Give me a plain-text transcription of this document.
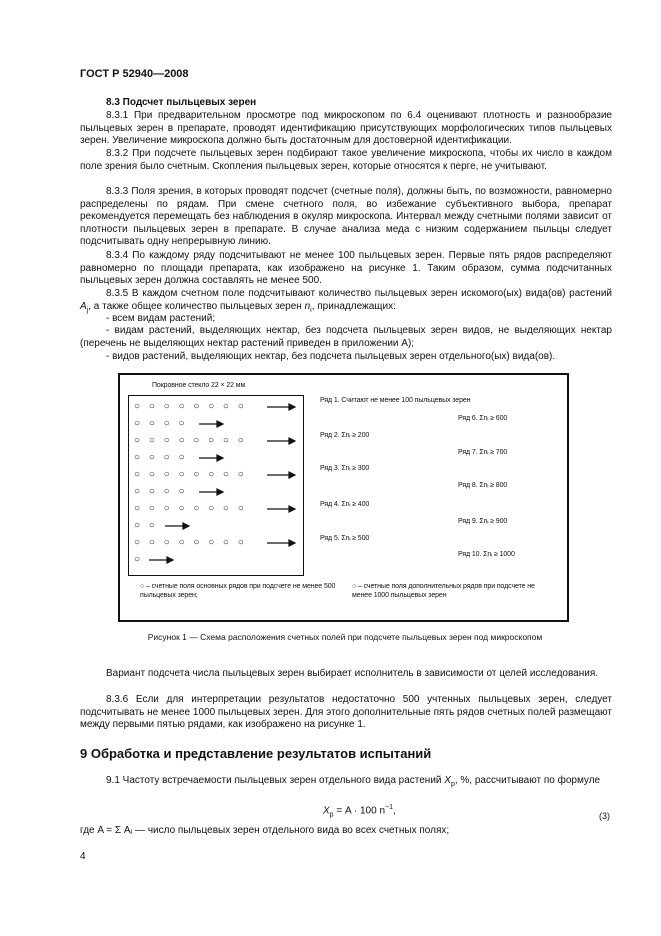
ГОСТ Р 52940—2008
8.3 Подсчет пыльцевых зерен
8.3.1 При предварительном просмотре под микроскопом по 6.4 оценивают плотность и разнообразие пыльцевых зерен в препарате, проводят идентификацию присутствующих морфологических типов пыльцевых зерен. Увеличение микроскопа должно быть достаточным для достоверной идентификации.
8.3.2 При подсчете пыльцевых зерен подбирают такое увеличение микроскопа, чтобы их число в каждом поле зрения было счетным. Скопления пыльцевых зерен, которые относятся к перге, не учитывают.
8.3.3 Поля зрения, в которых проводят подсчет (счетные поля), должны быть, по возможности, равномерно распределены по рядам. При смене счетного поля, во избежание субъективного выбора, препарат рекомендуется перемещать без наблюдения в окуляр микроскопа. Интервал между счетными полями зависит от плотности пыльцевых зерен в препарате. В случае анализа меда с низким содержанием пыльцы следует подсчитывать одну непрерывную линию.
8.3.4 По каждому ряду подсчитывают не менее 100 пыльцевых зерен. Первые пять рядов распределяют равномерно по площади препарата, как изображено на рисунке 1. Таким образом, сумма подсчитанных пыльцевых зерен должна составлять не менее 500.
8.3.5 В каждом счетном поле подсчитывают количество пыльцевых зерен искомого(ых) вида(ов) растений $A_j$, а также общее количество пыльцевых зерен $n_i$, принадлежащих:
- всем видам растений;
- видам растений, выделяющих нектар, без подсчета пыльцевых зерен видов, не выделяющих нектар (перечень не выделяющих нектар растений приведен в приложении А);
- видов растений, выделяющих нектар, без подсчета пыльцевых зерен отдельного(ых) вида(ов).
Покровное стекло 22 × 22 мм
○ ○ ○ ○ ○ ○ ○ ○
○ ○ ○ ○
○ ○ ○ ○ ○ ○ ○ ○
○ ○ ○ ○
○ ○ ○ ○ ○ ○ ○ ○
○ ○ ○ ○
○ ○ ○ ○ ○ ○ ○ ○
○ ○
○ ○ ○ ○ ○ ○ ○ ○
○
Ряд 1. Считают не менее 100 пыльцевых зерен
Ряд 6. Σnᵢ ≥ 600
Ряд 2. Σnᵢ ≥ 200
Ряд 7. Σnᵢ ≥ 700
Ряд 3. Σnᵢ ≥ 300
Ряд 8. Σnᵢ ≥ 800
Ряд 4. Σnᵢ ≥ 400
Ряд 9. Σnᵢ ≥ 900
Ряд 5. Σnᵢ ≥ 500
Ряд 10. Σnᵢ ≥ 1000
○ – счетные поля основных рядов при подсчете не менее 500 пыльцевых зерен;
○ – счетные поля дополнительных рядов при подсчете не менее 1000 пыльцевых зерен
Рисунок 1 — Схема расположения счетных полей при подсчете пыльцевых зерен под микроскопом
Вариант подсчета числа пыльцевых зерен выбирает исполнитель в зависимости от целей исследования.
8.3.6 Если для интерпретации результатов недостаточно 500 учтенных пыльцевых зерен, следует подсчитывать не менее 1000 пыльцевых зерен. Для этого дополнительные пять рядов счетных полей размещают между первыми пятью рядами, как изображено на рисунке 1.
9 Обработка и представление результатов испытаний
9.1 Частоту встречаемости пыльцевых зерен отдельного вида растений $X_р$, %, рассчитывают по формуле
$X_р = A \cdot 100$ $n^{-1}$,	(3)
где A = Σ Aⱼ — число пыльцевых зерен отдельного вида во всех счетных полях;
4
